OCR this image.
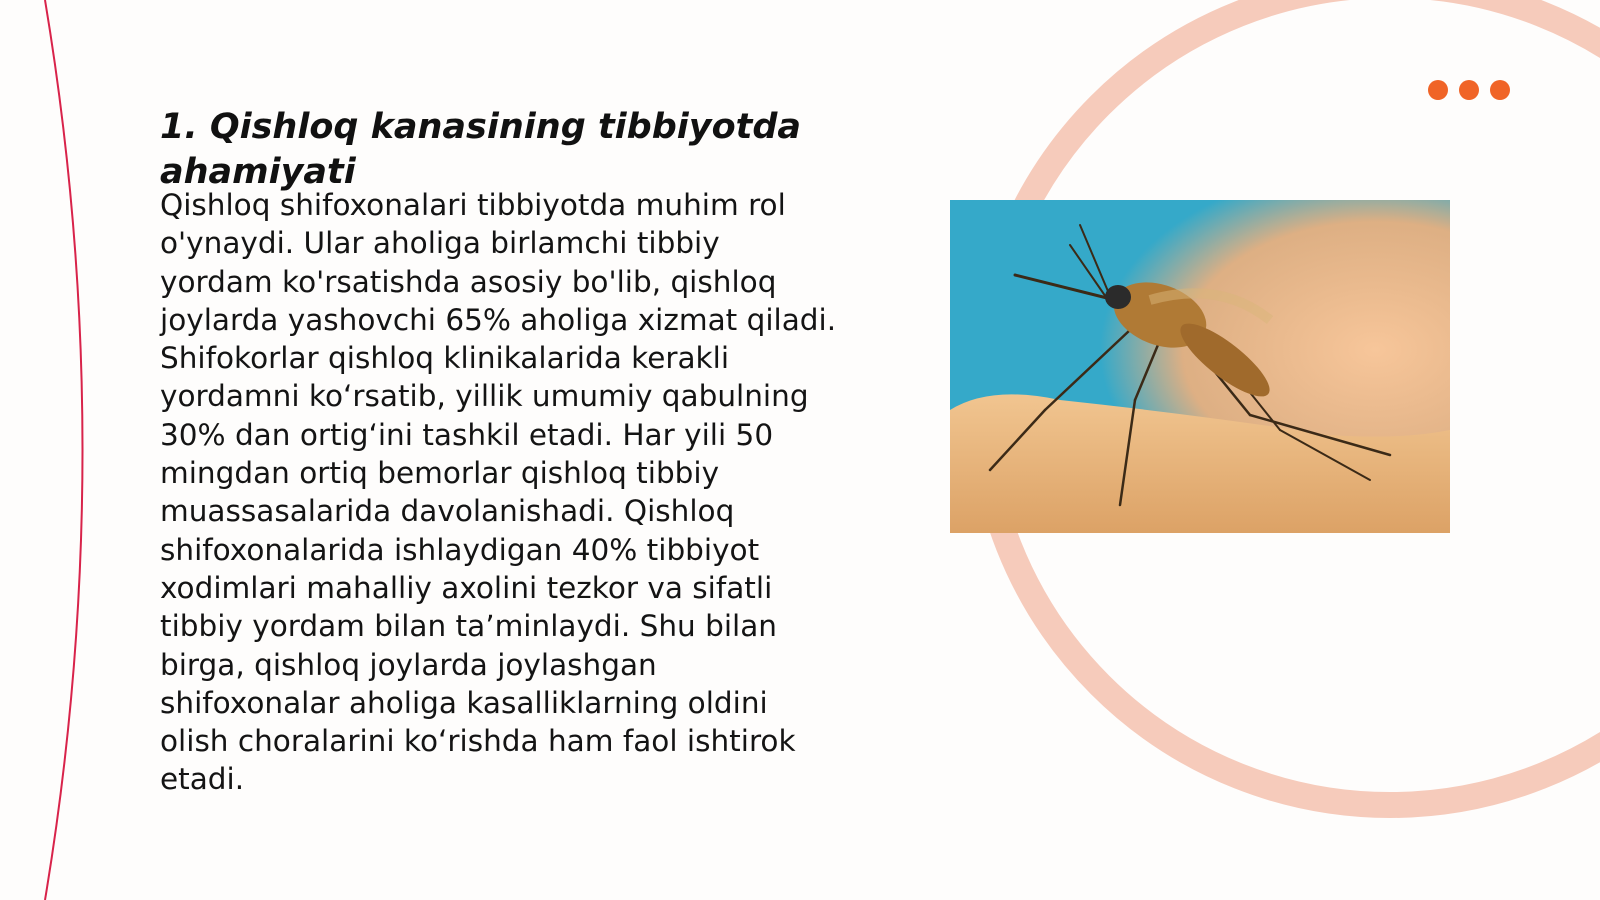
1. Qishloq kanasining tibbiyotda ahamiyati

Qishloq shifoxonalari tibbiyotda muhim rol
o'ynaydi. Ular aholiga birlamchi tibbiy
yordam ko'rsatishda asosiy bo'lib, qishloq
joylarda yashovchi 65% aholiga xizmat qiladi.
Shifokorlar qishloq klinikalarida kerakli
yordamni ko‘rsatib, yillik umumiy qabulning
30% dan ortig‘ini tashkil etadi. Har yili 50
mingdan ortiq bemorlar qishloq tibbiy
muassasalarida davolanishadi. Qishloq
shifoxonalarida ishlaydigan 40% tibbiyot
xodimlari mahalliy axolini tezkor va sifatli
tibbiy yordam bilan ta’minlaydi. Shu bilan
birga, qishloq joylarda joylashgan
shifoxonalar aholiga kasalliklarning oldini
olish choralarini ko‘rishda ham faol ishtirok
etadi.
